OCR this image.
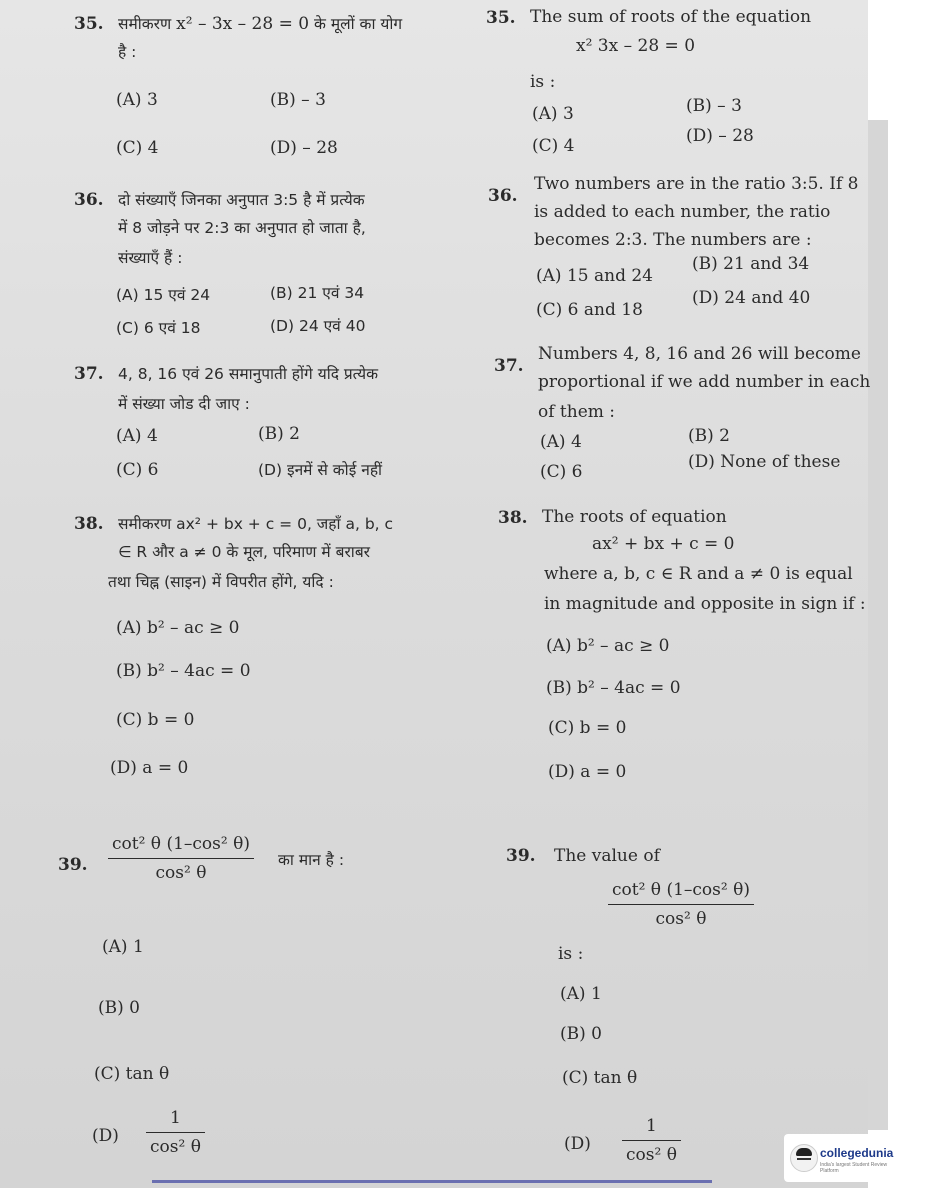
35. समीकरण x² – 3x – 28 = 0 के मूलों का योग
है :
(A) 3	(B) – 3
(C) 4	(D) – 28
36. दो संख्याएँ जिनका अनुपात 3:5 है में प्रत्येक
में 8 जोड़ने पर 2:3 का अनुपात हो जाता है,
संख्याएँ हैं :
(A) 15 एवं 24	(B) 21 एवं 34
(C) 6 एवं 18	(D) 24 एवं 40
37. 4, 8, 16 एवं 26 समानुपाती होंगे यदि प्रत्येक
में संख्या जोड दी जाए :
(A) 4	(B) 2
(C) 6	(D) इनमें से कोई नहीं
38. समीकरण ax² + bx + c = 0, जहाँ a, b, c
∈ R और a ≠ 0 के मूल, परिमाण में बराबर
तथा चिह्न (साइन) में विपरीत होंगे, यदि :
(A) b² – ac ≥ 0
(B) b² – 4ac = 0
(C) b = 0
(D) a = 0
39. $\frac{\text{cot² θ (1–cos² θ)}}{\text{cos² θ}}$ का मान है :
(A) 1
(B) 0
(C) tan θ
$(D) \frac{1}{\text{cos² θ}}$
35. The sum of roots of the equation
x² 3x – 28 = 0
is :
(A) 3	(B) – 3
(C) 4	(D) – 28
36.
Two numbers are in the ratio 3:5. If 8
is added to each number, the ratio
becomes 2:3. The numbers are :
(A) 15 and 24
(B) 21 and 34
(C) 6 and 18
(D) 24 and 40
37.
Numbers 4, 8, 16 and 26 will become
proportional if we add number in each
of them :
(A) 4	(B) 2
(C) 6	(D) None of these
38. The roots of equation
ax² + bx + c = 0
where a, b, c ∈ R and a ≠ 0 is equal
in magnitude and opposite in sign if :
(A) b² – ac ≥ 0
(B) b² – 4ac = 0
(C) b = 0
(D) a = 0
39. The value of
$\frac{\text{cot² θ (1–cos² θ)}}{\text{cos² θ}}$
is :
(A) 1
(B) 0
(C) tan θ
$(D) \frac{1}{\text{cos² θ}}$	collegedunia
India's largest Student Review Platform
